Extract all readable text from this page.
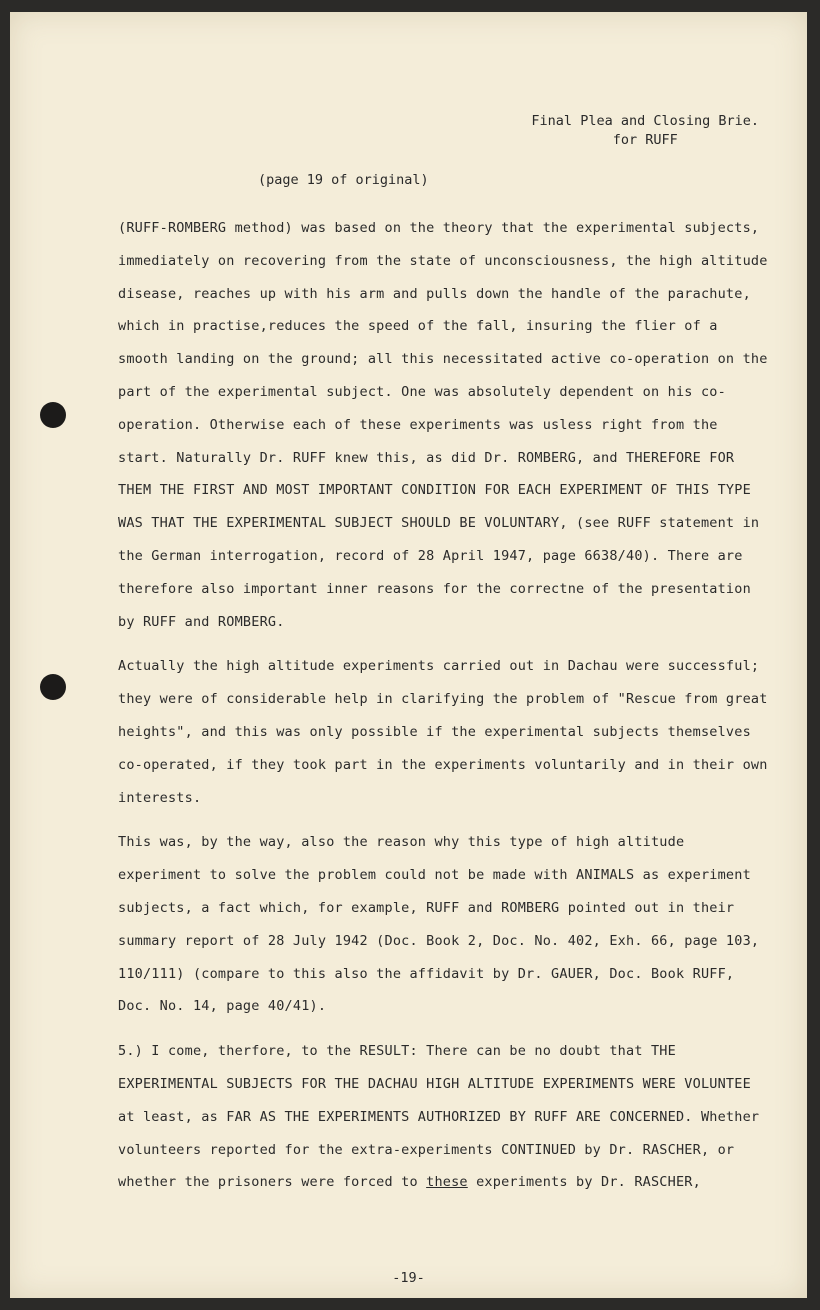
Final Plea and Closing Brie.
for RUFF
(page 19 of original)

(RUFF-ROMBERG method) was based on the theory that the experimental subjects, immediately on recovering from the state of unconsciousness, the high altitude disease, reaches up with his arm and pulls down the handle of the parachute, which in practise,reduces the speed of the fall, insuring the flier of a smooth landing on the ground; all this necessitated active co-operation on the part of the experimental subject. One was absolutely dependent on his co-operation. Otherwise each of these experiments was usless right from the start. Naturally Dr. RUFF knew this, as did Dr. ROMBERG, and THEREFORE FOR THEM THE FIRST AND MOST IMPORTANT CONDITION FOR EACH EXPERIMENT OF THIS TYPE WAS THAT THE EXPERIMENTAL SUBJECT SHOULD BE VOLUNTARY, (see RUFF statement in the German interrogation, record of 28 April 1947, page 6638/40). There are therefore also important inner reasons for the correctne of the presentation by RUFF and ROMBERG.

Actually the high altitude experiments carried out in Dachau were successful; they were of considerable help in clarifying the problem of "Rescue from great heights", and this was only possible if the experimental subjects themselves co-operated, if they took part in the experiments voluntarily and in their own interests.

This was, by the way, also the reason why this type of high altitude experiment to solve the problem could not be made with ANIMALS as experiment subjects, a fact which, for example, RUFF and ROMBERG pointed out in their summary report of 28 July 1942 (Doc. Book 2, Doc. No. 402, Exh. 66, page 103, 110/111) (compare to this also the affidavit by Dr. GAUER, Doc. Book RUFF, Doc. No. 14, page 40/41).

5.) I come, therfore, to the RESULT: There can be no doubt that THE EXPERIMENTAL SUBJECTS FOR THE DACHAU HIGH ALTITUDE EXPERIMENTS WERE VOLUNTEE at least, as FAR AS THE EXPERIMENTS AUTHORIZED BY RUFF ARE CONCERNED. Whether volunteers reported for the extra-experiments CONTINUED by Dr. RASCHER, or whether the prisoners were forced to these experiments by Dr. RASCHER,

-19-
